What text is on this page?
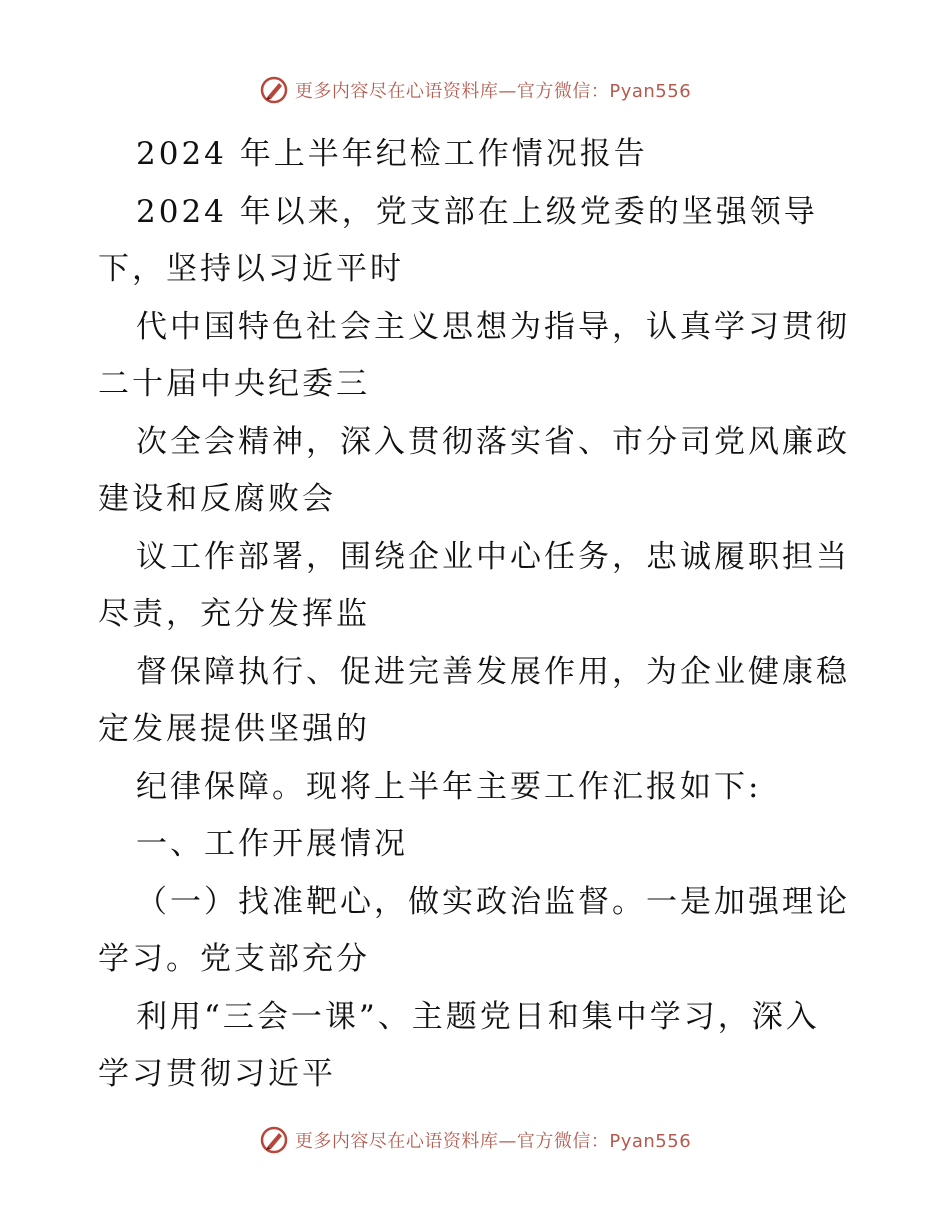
更多内容尽在心语资料库—官方微信：Pyan556
2024 年上半年纪检工作情况报告
2024 年以来，党支部在上级党委的坚强领导
下，坚持以习近平时
代中国特色社会主义思想为指导，认真学习贯彻
二十届中央纪委三
次全会精神，深入贯彻落实省、市分司党风廉政
建设和反腐败会
议工作部署，围绕企业中心任务，忠诚履职担当
尽责，充分发挥监
督保障执行、促进完善发展作用，为企业健康稳
定发展提供坚强的
纪律保障。现将上半年主要工作汇报如下:
一、工作开展情况
（一）找准靶心，做实政治监督。一是加强理论
学习。党支部充分
利用“三会一课”、主题党日和集中学习，深入
学习贯彻习近平
更多内容尽在心语资料库—官方微信：Pyan556
